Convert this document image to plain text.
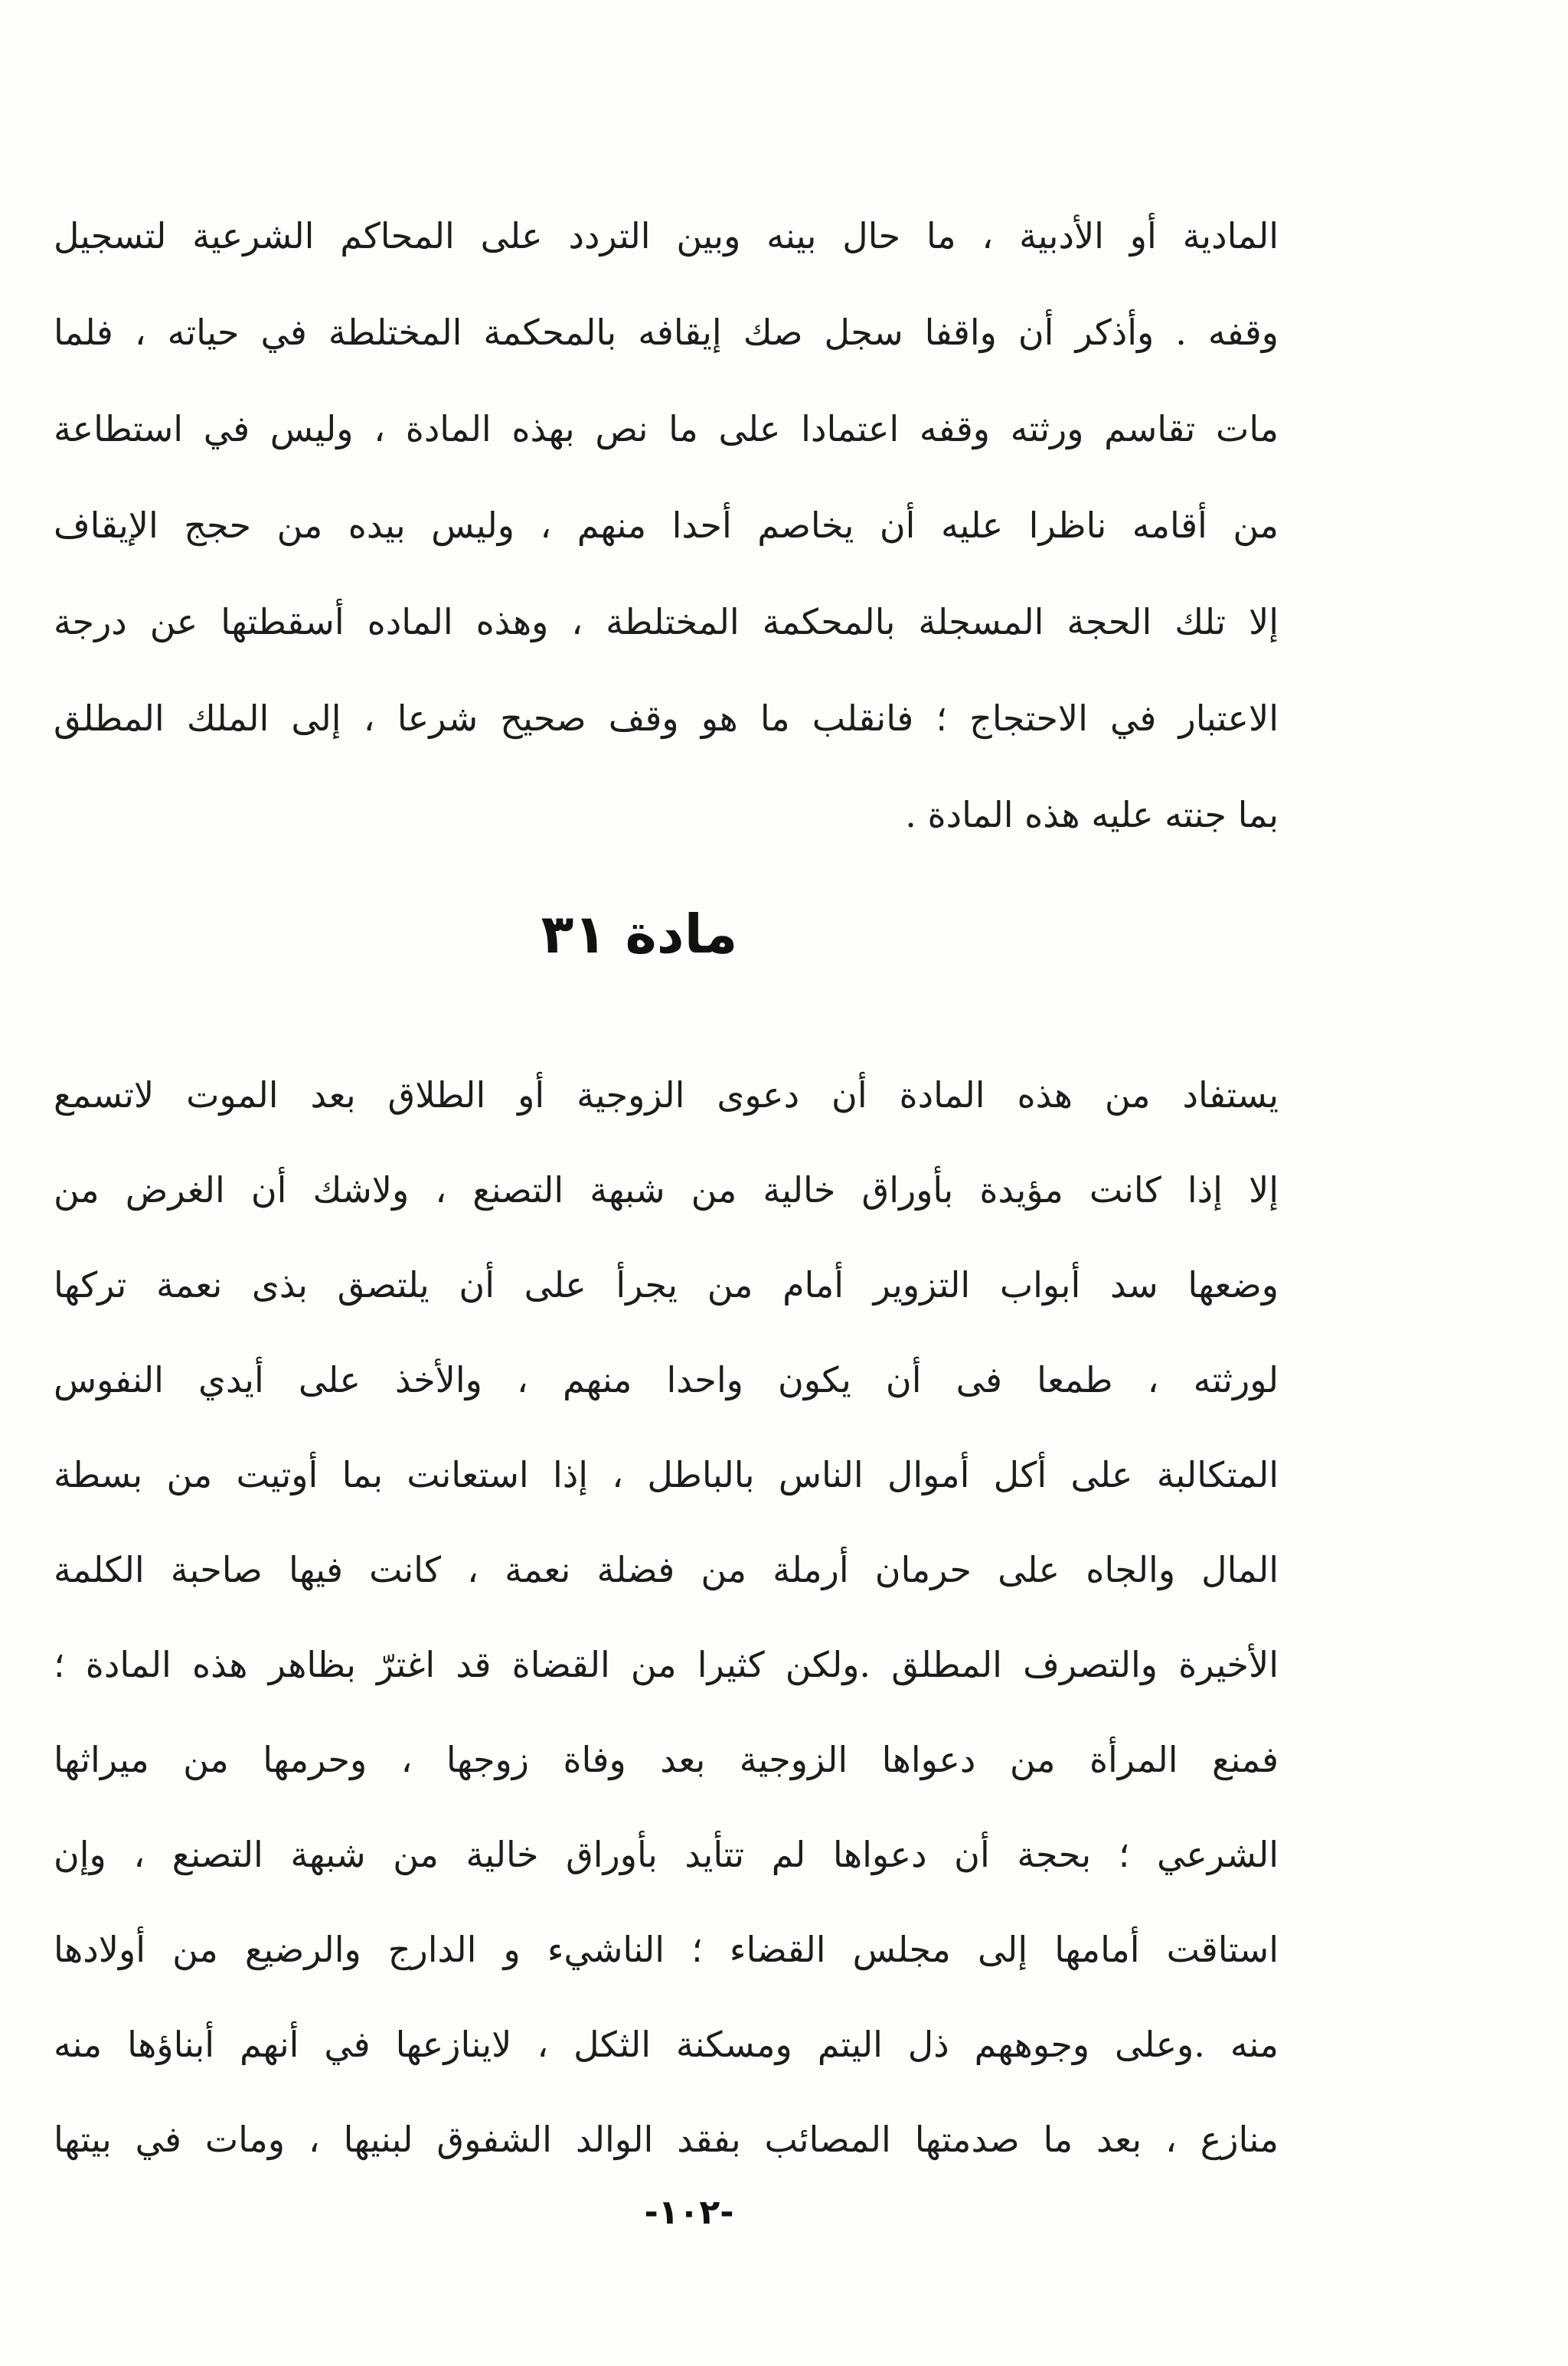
المادية أو الأدبية ، ما حال بينه وبين التردد على المحاكم الشرعية لتسجيل
وقفه . وأذكر أن واقفا سجل صك إيقافه بالمحكمة المختلطة في حياته ، فلما
مات تقاسم ورثته وقفه اعتمادا على ما نص بهذه المادة ، وليس في استطاعة
من أقامه ناظرا عليه أن يخاصم أحدا منهم ، وليس بيده من حجج الإيقاف
إلا تلك الحجة المسجلة بالمحكمة المختلطة ، وهذه الماده أسقطتها عن درجة
الاعتبار في الاحتجاج ؛ فانقلب ما هو وقف صحيح شرعا ، إلى الملك المطلق
بما جنته عليه هذه المادة .
مادة ٣١
يستفاد من هذه المادة أن دعوى الزوجية أو الطلاق بعد الموت لاتسمع
إلا إذا كانت مؤيدة بأوراق خالية من شبهة التصنع ، ولاشك أن الغرض من
وضعها سد أبواب التزوير أمام من يجرأ على أن يلتصق بذى نعمة تركها
لورثته ، طمعا فى أن يكون واحدا منهم ، والأخذ على أيدي النفوس
المتكالبة على أكل أموال الناس بالباطل ، إذا استعانت بما أوتيت من بسطة
المال والجاه على حرمان أرملة من فضلة نعمة ، كانت فيها صاحبة الكلمة
الأخيرة والتصرف المطلق .ولكن كثيرا من القضاة قد اغترّ بظاهر هذه المادة ؛
فمنع المرأة من دعواها الزوجية بعد وفاة زوجها ، وحرمها من ميراثها
الشرعي ؛ بحجة أن دعواها لم تتأيد بأوراق خالية من شبهة التصنع ، وإن
استاقت أمامها إلى مجلس القضاء ؛ الناشيء و الدارج والرضيع من أولادها
منه .وعلى وجوههم ذل اليتم ومسكنة الثكل ، لاينازعها في أنهم أبناؤها منه
منازع ، بعد ما صدمتها المصائب بفقد الوالد الشفوق لبنيها ، ومات في بيتها
-١٠٢-
